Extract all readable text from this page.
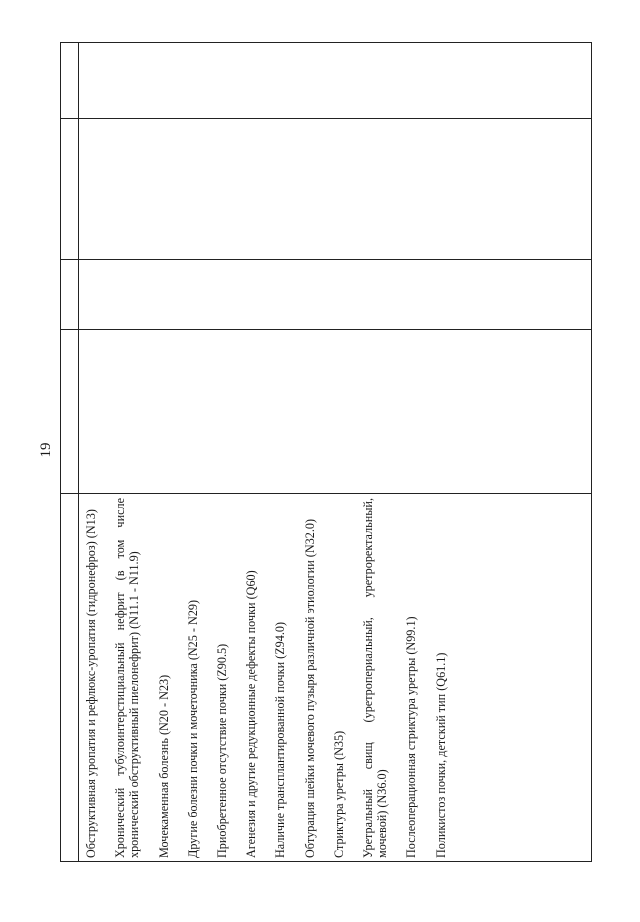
19

Обструктивная уропатия и рефлюкс-уропатия (гидронефроз) (N13) Хронический тубулоинтерстициальный нефрит (в том числе хронический обструктивный пиелонефрит) (N11.1 - N11.9) Мочекаменная болезнь (N20 - N23) Другие болезни почки и мочеточника (N25 - N29) Приобретенное отсутствие почки (Z90.5) Агенезия и другие редукционные дефекты почки (Q60) Наличие трансплантированной почки (Z94.0) Обтурация шейки мочевого пузыря различной этиологии (N32.0) Стриктура уретры (N35) Уретральный свищ (уретропериальный, уретроректальный, мочевой) (N36.0) Послеоперационная стриктура уретры (N99.1) Поликистоз почки, детский тип (Q61.1)
